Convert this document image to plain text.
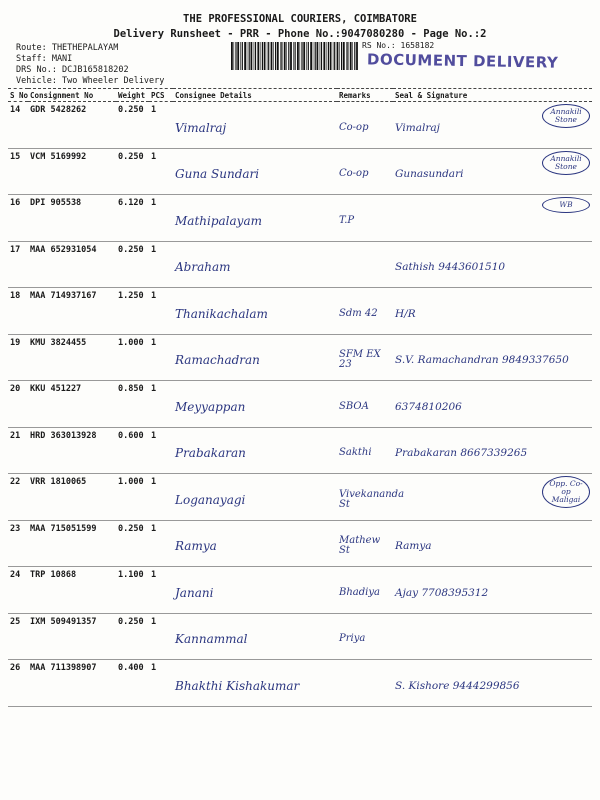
THE PROFESSIONAL COURIERS, COIMBATORE
Delivery Runsheet - PRR - Phone No.:9047080280 - Page No.:2
Route: THETHEPALAYAM
Staff: MANI
DRS No.: DCJB165818202
Vehicle: Two Wheeler Delivery
RS No.: 1658182
DOCUMENT DELIVERY
S No	Consignment No	Weight	PCS	Consignee Details	Remarks	Seal & Signature
14	GDR 5428262	0.250	1	Vimalraj	Co-op	Vimalraj
Annakili Stone

15	VCM 5169992	0.250	1	Guna Sundari	Co-op	Gunasundari
Annakili Stone

16	DPI 905538	6.120	1	Mathipalayam	T.P	WB

17	MAA 652931054	0.250	1	Abraham		Sathish 9443601510
18	MAA 714937167	1.250	1	Thanikachalam	Sdm 42	H/R
19	KMU 3824455	1.000	1	Ramachadran	SFM EX 23	S.V. Ramachandran 9849337650
20	KKU 451227	0.850	1	Meyyappan	SBOA	6374810206
21	HRD 363013928	0.600	1	Prabakaran	Sakthi	Prabakaran 8667339265
22	VRR 1810065	1.000	1	Loganayagi	Vivekananda St	Opp. Co-op Maligai

23	MAA 715051599	0.250	1	Ramya	Mathew St	Ramya
24	TRP 10868	1.100	1	Janani	Bhadiya	Ajay 7708395312
25	IXM 509491357	0.250	1	Kannammal	Priya	
26	MAA 711398907	0.400	1	Bhakthi Kishakumar		S. Kishore 9444299856
